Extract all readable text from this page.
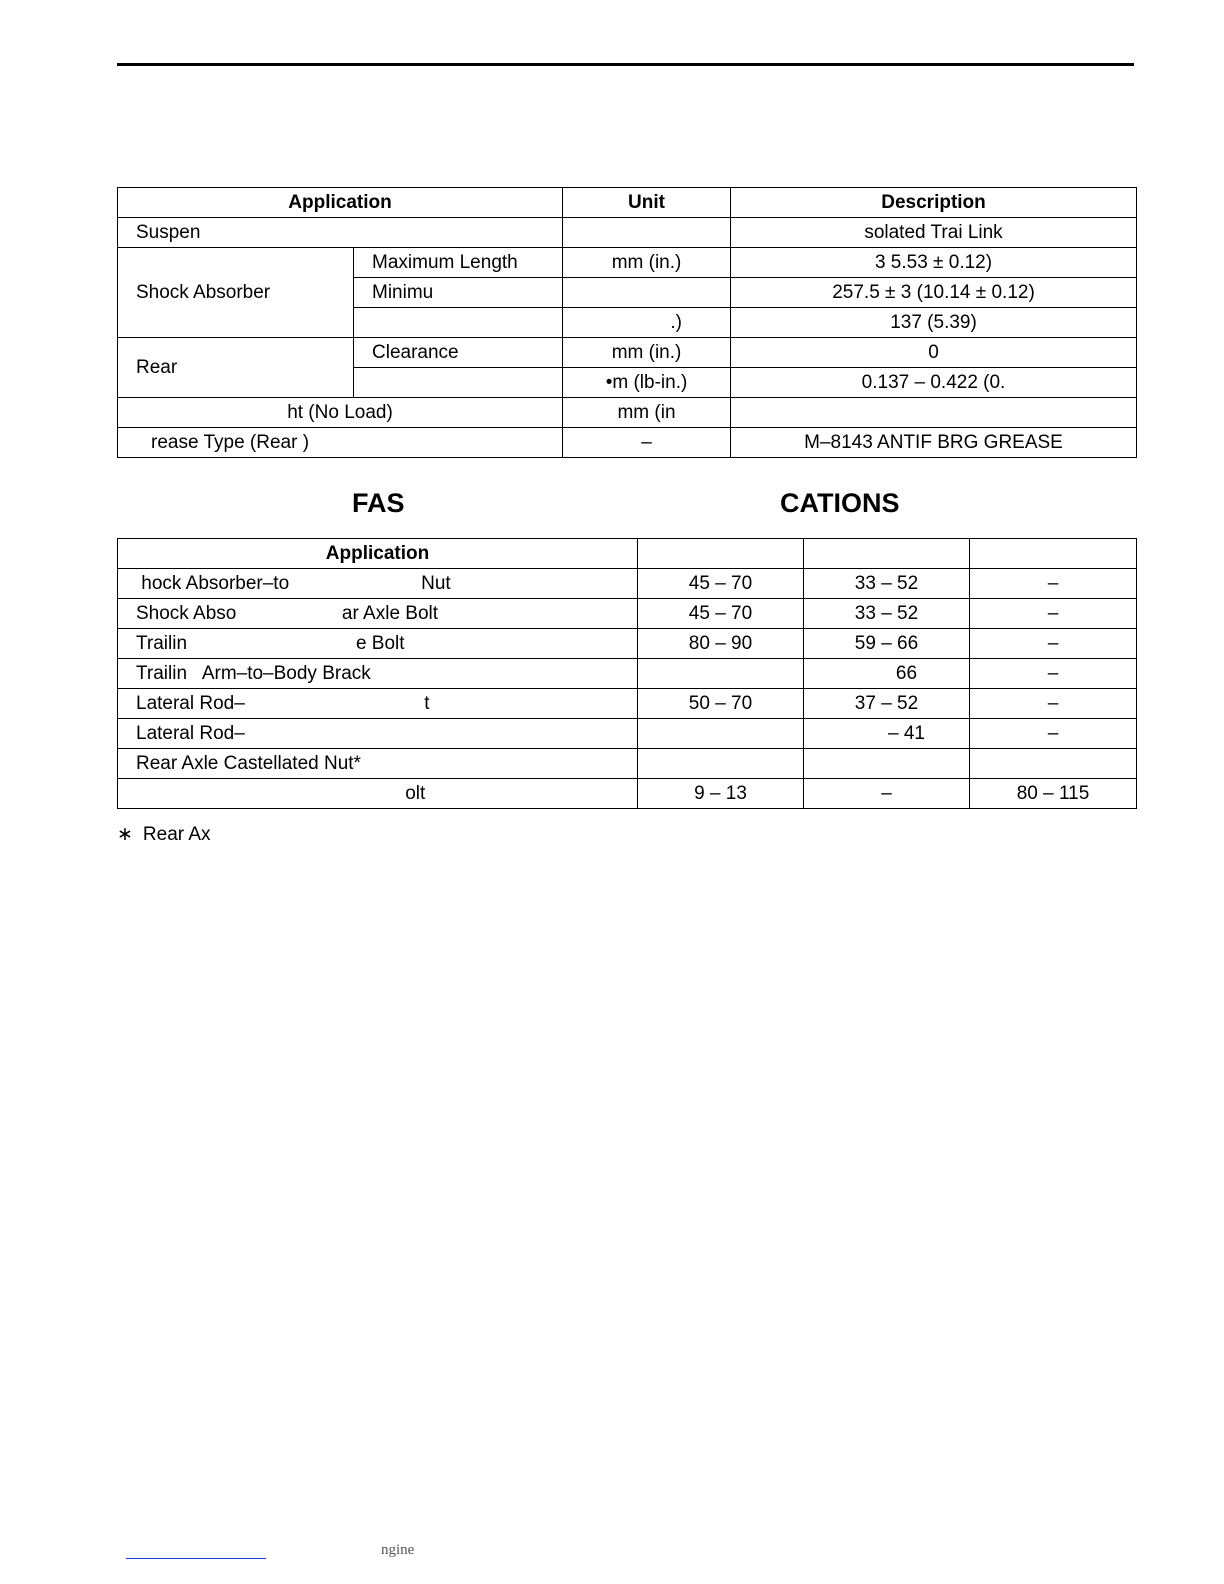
Application		Unit	Description
Suspen			solated Trai Link
Shock Absorber	Maximum Length	mm (in.)	3 5.53 ± 0.12)
	Minimu		257.5 ± 3 (10.14 ± 0.12)
		.)	137 (5.39)
Rear	Clearance	mm (in.)	0
		•m (lb-in.)	0.137 – 0.422 (0.
ht (No Load)		mm (in	
rease Type (Rear )		–	M–8143 ANTIF BRG GREASE
FAS	CATIONS
Application			
hock Absorber–to                         Nut	45 – 70	33 – 52	–
Shock Abso                    ar Axle Bolt	45 – 70	33 – 52	–
Trailin                                e Bolt	80 – 90	59 – 66	–
Trailin   Arm–to–Body Brack		66	–
Lateral Rod–                                  t	50 – 70	37 – 52	–
Lateral Rod–		– 41	–
Rear Axle Castellated Nut*			
olt	9 – 13	–	80 – 115
∗ Rear Ax
ngine
